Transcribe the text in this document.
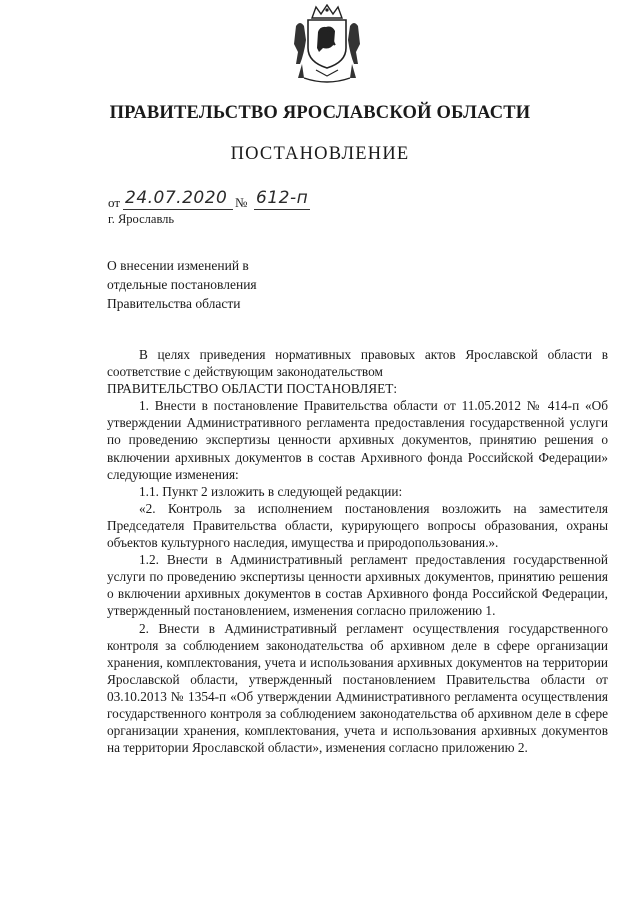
ПРАВИТЕЛЬСТВО ЯРОСЛАВСКОЙ ОБЛАСТИ
ПОСТАНОВЛЕНИЕ
от 24.07.2020 № 612-п
г. Ярославль
О внесении изменений в
отдельные постановления
Правительства области

В целях приведения нормативных правовых актов Ярославской области в соответствие с действующим законодательством

ПРАВИТЕЛЬСТВО ОБЛАСТИ ПОСТАНОВЛЯЕТ:

1. Внести в постановление Правительства области от 11.05.2012 № 414-п «Об утверждении Административного регламента предоставления государственной услуги по проведению экспертизы ценности архивных документов, принятию решения о включении архивных документов в состав Архивного фонда Российской Федерации» следующие изменения:

1.1. Пункт 2 изложить в следующей редакции:

«2. Контроль за исполнением постановления возложить на заместителя Председателя Правительства области, курирующего вопросы образования, охраны объектов культурного наследия, имущества и природопользования.».

1.2. Внести в Административный регламент предоставления государственной услуги по проведению экспертизы ценности архивных документов, принятию решения о включении архивных документов в состав Архивного фонда Российской Федерации, утвержденный постановлением, изменения согласно приложению 1.

2. Внести в Административный регламент осуществления государственного контроля за соблюдением законодательства об архивном деле в сфере организации хранения, комплектования, учета и использования архивных документов на территории Ярославской области, утвержденный постановлением Правительства области от 03.10.2013 № 1354-п «Об утверждении Административного регламента осуществления государственного контроля за соблюдением законодательства об архивном деле в сфере организации хранения, комплектования, учета и использования архивных документов на территории Ярославской области», изменения согласно приложению 2.
